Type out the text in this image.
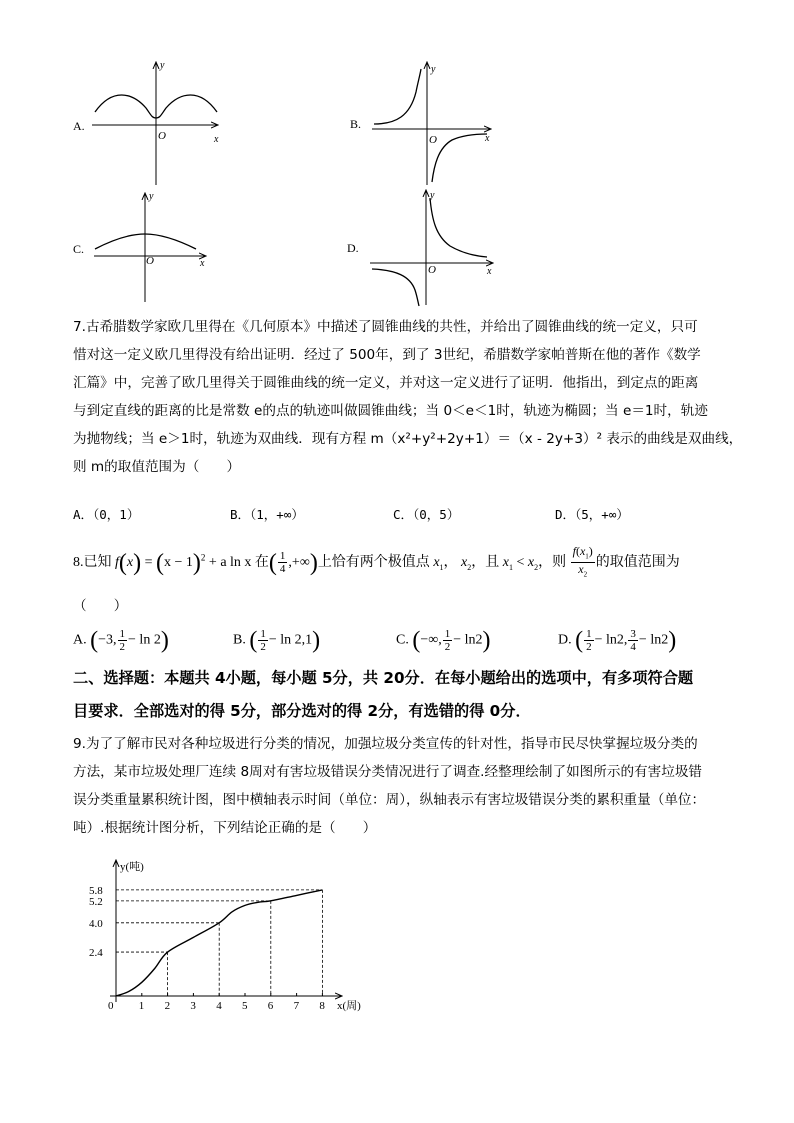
y
x
O
A.
y
x
O
B.
y
x
O
C.
y
x
O
D.
7.古希腊数学家欧几里得在《几何原本》中描述了圆锥曲线的共性，并给出了圆锥曲线的统一定义，只可
惜对这一定义欧几里得没有给出证明．经过了 500年，到了 3世纪，希腊数学家帕普斯在他的著作《数学
汇篇》中，完善了欧几里得关于圆锥曲线的统一定义，并对这一定义进行了证明．他指出，到定点的距离
与到定直线的距离的比是常数 e的点的轨迹叫做圆锥曲线；当 0＜e＜1时，轨迹为椭圆；当 e＝1时，轨迹
为抛物线；当 e＞1时，轨迹为双曲线．现有方程 m（x²+y²+2y+1）＝（x - 2y+3）² 表示的曲线是双曲线，
则 m的取值范围为（　　）
A．（0，1）	B．（1，+∞）	C．（0，5）	D．（5，+∞）
8.已知 $f(x) = (x - 1)^2 + a$ ln x 在( $\frac{1}{4}$ ,+∞)上恰有两个极值点 $x_1$， $x_2$，且 $x_1 < x_2$，则 $\frac{f(x_1)}{x_2}$ 的取值范围为
（　　）
A. (−3, $\frac{1}{2} - \ln 2$)	B. ( $\frac{1}{2} - \ln 2,1$)	C. (−∞, $\frac{1}{2} - \ln 2$)	D. ( $\frac{1}{2} - \ln 2$, $\frac{3}{4} - \ln 2$)
二、选择题：本题共 4小题，每小题 5分，共 20分．在每小题给出的选项中，有多项符合题
目要求．全部选对的得 5分，部分选对的得 2分，有选错的得 0分．
9.为了了解市民对各种垃圾进行分类的情况，加强垃圾分类宣传的针对性，指导市民尽快掌握垃圾分类的
方法，某市垃圾处理厂连续 8周对有害垃圾错误分类情况进行了调查.经整理绘制了如图所示的有害垃圾错
误分类重量累积统计图，图中横轴表示时间（单位：周），纵轴表示有害垃圾错误分类的累积重量（单位：
吨）.根据统计图分析，下列结论正确的是（　　）
y(吨)
x(周)
0 1 2 3 4 5 6 7 8
2.4
4.0
5.2
5.8
